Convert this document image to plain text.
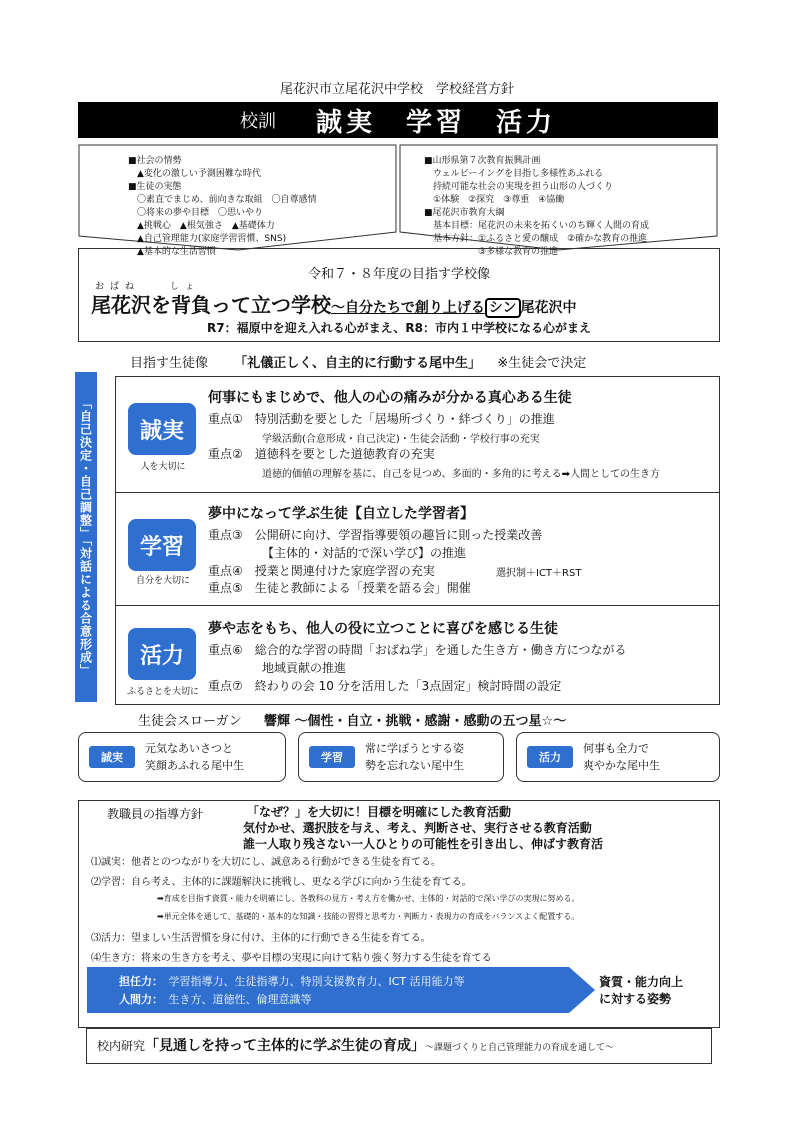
尾花沢市立尾花沢中学校　学校経営方針
校訓 誠実　学習　活力
■社会の情勢
　▲変化の激しい予測困難な時代
■生徒の実態
　〇素直でまじめ、前向きな取組　〇自尊感情
　〇将来の夢や目標　〇思いやり
　▲挑戦心　▲根気強さ　▲基礎体力
　▲自己管理能力(家庭学習習慣、SNS)
　▲基本的な生活習慣
■山形県第７次教育振興計画
　ウェルビーイングを目指し多様性あふれる
　持続可能な社会の実現を担う山形の人づくり
　①体験　②探究　③尊重　④協働
■尾花沢市教育大綱
　基本目標：尾花沢の未来を拓くいのち輝く人間の育成
　基本方針：①ふるさと愛の醸成　②確かな教育の推進
　　　　　　③多様な教育の推進
令和７・８年度の目指す学校像
おばね　　しょ
尾花沢を背負って立つ学校～自分たちで創り上げる シン 尾花沢中
R7：福原中を迎え入れる心がまえ、R8：市内１中学校になる心がまえ
目指す生徒像 「礼儀正しく、自主的に行動する尾中生」 ※生徒会で決定
「自己決定・自己調整」「対話による合意形成」	誠実
人を大切に
何事にもまじめで、他人の心の痛みが分かる真心ある生徒
重点①　 特別活動を要とした「居場所づくり・絆づくり」の推進
学級活動(合意形成・自己決定)・生徒会活動・学校行事の充実
重点②　 道徳科を要とした道徳教育の充実
道徳的価値の理解を基に、自己を見つめ、多面的・多角的に考える➡人間としての生き方
学習
自分を大切に
夢中になって学ぶ生徒【自立した学習者】
重点③　 公開研に向け、学習指導要領の趣旨に則った授業改善
【主体的・対話的で深い学び】の推進
重点④　 授業と関連付けた家庭学習の充実	選択制＋ICT＋RST
重点⑤　 生徒と教師による「授業を語る会」開催
活力
ふるさとを大切に
夢や志をもち、他人の役に立つことに喜びを感じる生徒
重点⑥　 総合的な学習の時間「おばね学」を通した生き方・働き方につながる
地域貢献の推進
重点⑦　 終わりの会 10 分を活用した「3点固定」検討時間の設定
生徒会スローガン 響輝 ～個性・自立・挑戦・感謝・感動の五つ星☆～
誠実
元気なあいさつと
笑顔あふれる尾中生
学習
常に学ぼうとする姿
勢を忘れない尾中生
活力
何事も全力で
爽やかな尾中生
教職員の指導方針	「なぜ？」を大切に！目標を明確にした教育活動
気付かせ、選択肢を与え、考え、判断させ、実行させる教育活動
誰一人取り残さない一人ひとりの可能性を引き出し、伸ばす教育活
⑴誠実：他者とのつながりを大切にし、誠意ある行動ができる生徒を育てる。
⑵学習：自ら考え、主体的に課題解決に挑戦し、更なる学びに向かう生徒を育てる。
➡育成を目指す資質・能力を明確にし、各教科の見方・考え方を働かせ、主体的・対話的で深い学びの実現に努める。
➡単元全体を通して、基礎的・基本的な知識・技能の習得と思考力・判断力・表現力の育成をバランスよく配置する。
⑶活力：望ましい生活習慣を身に付け、主体的に行動できる生徒を育てる。
⑷生き方：将来の生き方を考え、夢や目標の実現に向けて粘り強く努力する生徒を育てる
担任力：　 学習指導力、生徒指導力、特別支援教育力、ICT 活用能力等
人間力：　 生き方、道徳性、倫理意識等
資質・能力向上
に対する姿勢
校内研究「見通しを持って主体的に学ぶ生徒の育成」～課題づくりと自己管理能力の育成を通して～
